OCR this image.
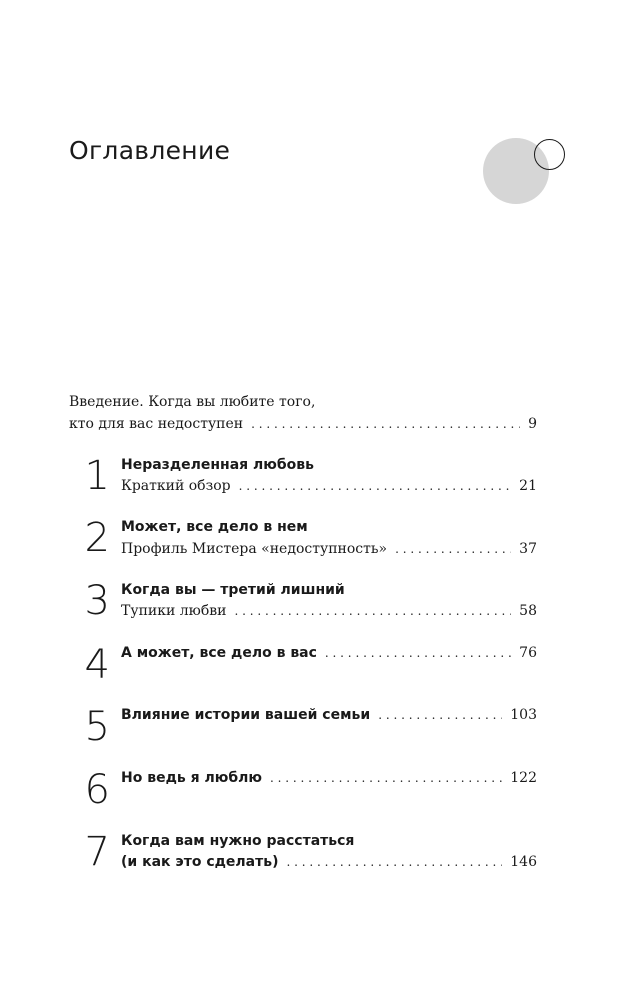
Оглавление
Введение. Когда вы любите того,
кто для вас недоступен . . .	9
1 Неразделенная любовь
Краткий обзор . . .	21
2 Может, все дело в нем
Профиль Мистера «недоступность» . . .	37
3 Когда вы — третий лишний
Тупики любви . . .	58
4 А может, все дело в вас . . .	76
5 Влияние истории вашей семьи . . .	103
6 Но ведь я люблю . . .	122
7 Когда вам нужно расстаться
(и как это сделать) . . .	146
